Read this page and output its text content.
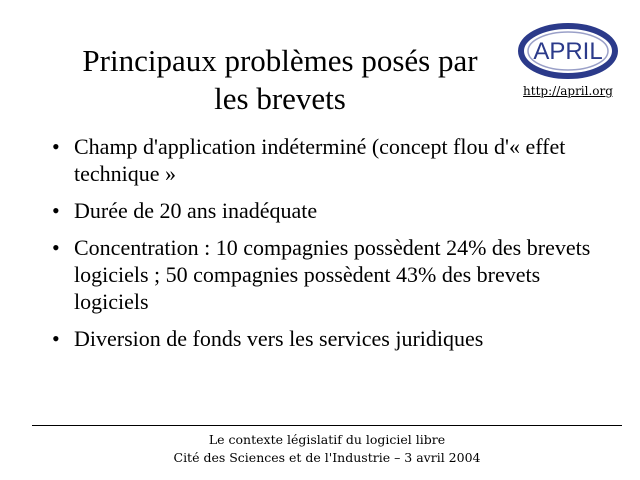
Principaux problèmes posés par
les brevets
APRIL
http://april.org
• Champ d'application indéterminé (concept flou d'« effet technique »
• Durée de 20 ans inadéquate
• Concentration : 10 compagnies possèdent 24% des brevets logiciels ; 50 compagnies possèdent 43% des brevets logiciels
• Diversion de fonds vers les services juridiques
Le contexte législatif du logiciel libre
Cité des Sciences et de l'Industrie – 3 avril 2004
